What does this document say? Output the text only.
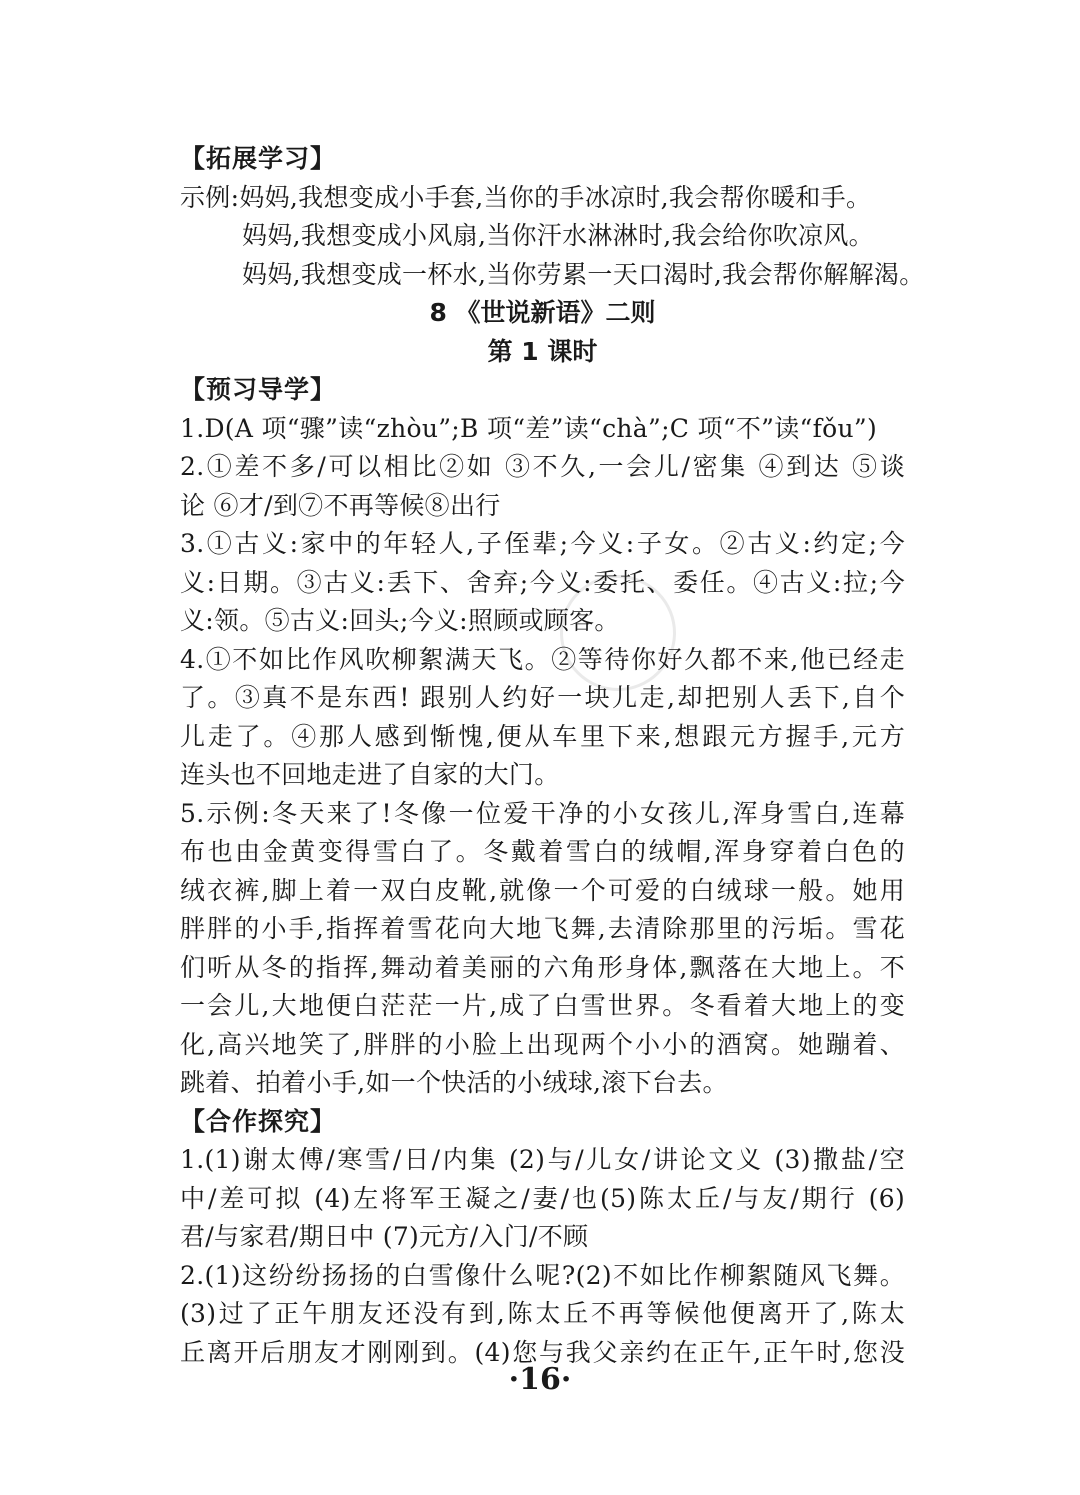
【拓展学习】
示例:妈妈,我想变成小手套,当你的手冰凉时,我会帮你暖和手。
妈妈,我想变成小风扇,当你汗水淋淋时,我会给你吹凉风。
妈妈,我想变成一杯水,当你劳累一天口渴时,我会帮你解解渴。
8 《世说新语》二则
第 1 课时
【预习导学】
1.D(A 项“骤”读“zhòu”;B 项“差”读“chà”;C 项“不”读“fǒu”)
2.①差不多/可以相比②如 ③不久,一会儿/密集 ④到达 ⑤谈
论 ⑥才/到⑦不再等候⑧出行
3.①古义:家中的年轻人,子侄辈;今义:子女。②古义:约定;今
义:日期。③古义:丢下、舍弃;今义:委托、委任。④古义:拉;今
义:领。⑤古义:回头;今义:照顾或顾客。
4.①不如比作风吹柳絮满天飞。②等待你好久都不来,他已经走
了。③真不是东西! 跟别人约好一块儿走,却把别人丢下,自个
儿走了。④那人感到惭愧,便从车里下来,想跟元方握手,元方
连头也不回地走进了自家的大门。
5.示例:冬天来了!冬像一位爱干净的小女孩儿,浑身雪白,连幕
布也由金黄变得雪白了。冬戴着雪白的绒帽,浑身穿着白色的
绒衣裤,脚上着一双白皮靴,就像一个可爱的白绒球一般。她用
胖胖的小手,指挥着雪花向大地飞舞,去清除那里的污垢。雪花
们听从冬的指挥,舞动着美丽的六角形身体,飘落在大地上。不
一会儿,大地便白茫茫一片,成了白雪世界。冬看着大地上的变
化,高兴地笑了,胖胖的小脸上出现两个小小的酒窝。她蹦着、
跳着、拍着小手,如一个快活的小绒球,滚下台去。
【合作探究】
1.(1)谢太傅/寒雪/日/内集 (2)与/儿女/讲论文义 (3)撒盐/空
中/差可拟 (4)左将军王凝之/妻/也(5)陈太丘/与友/期行 (6)
君/与家君/期日中 (7)元方/入门/不顾
2.(1)这纷纷扬扬的白雪像什么呢?(2)不如比作柳絮随风飞舞。
(3)过了正午朋友还没有到,陈太丘不再等候他便离开了,陈太
丘离开后朋友才刚刚到。(4)您与我父亲约在正午,正午时,您没
·16·
